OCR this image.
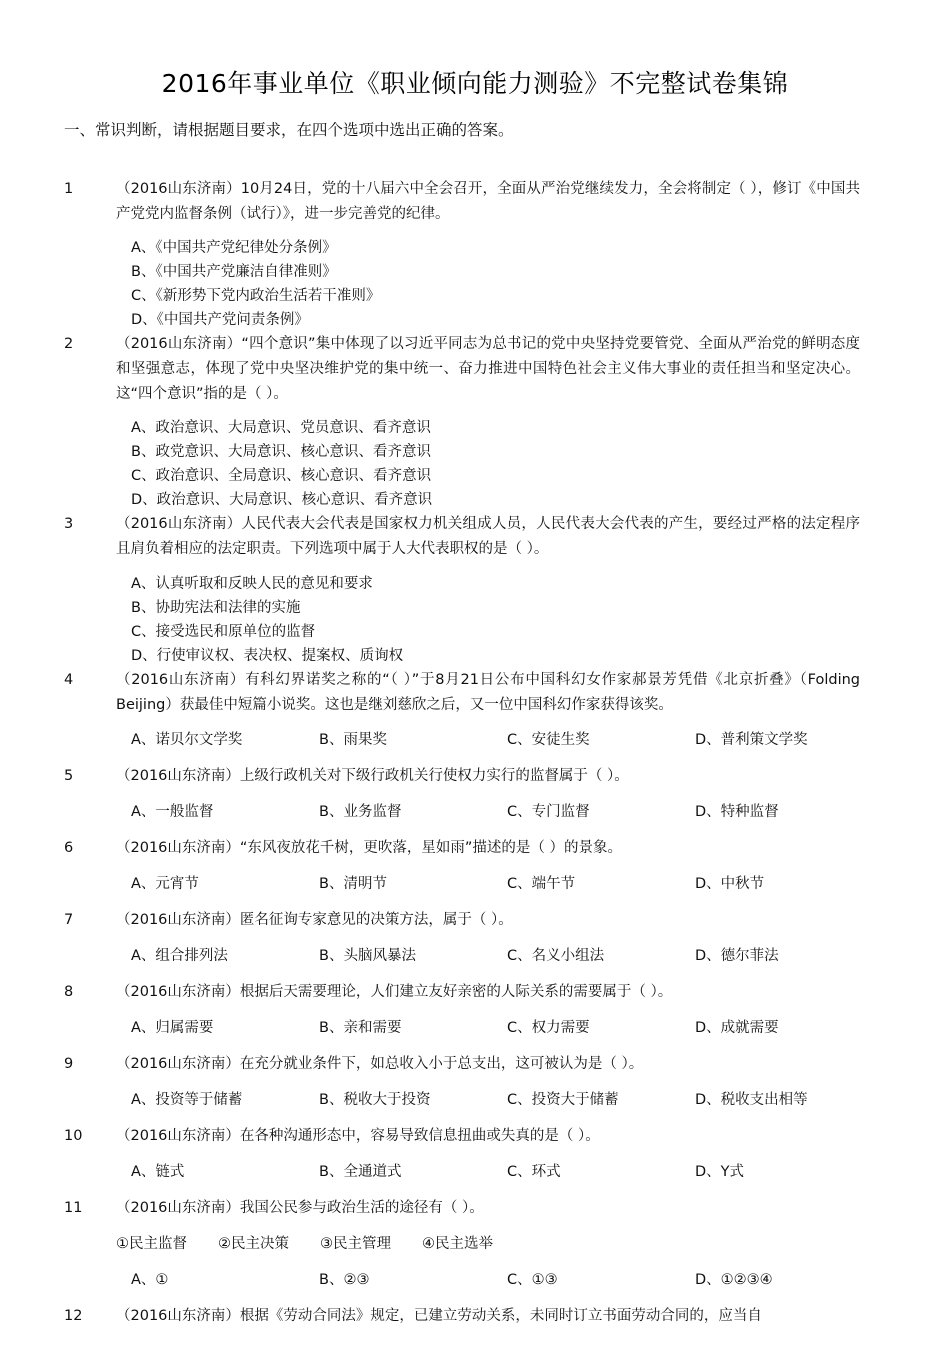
2016年事业单位《职业倾向能力测验》不完整试卷集锦
一、常识判断，请根据题目要求，在四个选项中选出正确的答案。
1	（2016山东济南）10月24日，党的十八届六中全会召开，全面从严治党继续发力，全会将制定（ ），修订《中国共产党党内监督条例（试行）》，进一步完善党的纪律。
A、《中国共产党纪律处分条例》
B、《中国共产党廉洁自律准则》
C、《新形势下党内政治生活若干准则》
D、《中国共产党问责条例》
2	（2016山东济南）“四个意识”集中体现了以习近平同志为总书记的党中央坚持党要管党、全面从严治党的鲜明态度和坚强意志，体现了党中央坚决维护党的集中统一、奋力推进中国特色社会主义伟大事业的责任担当和坚定决心。这“四个意识”指的是（ ）。
A、政治意识、大局意识、党员意识、看齐意识
B、政党意识、大局意识、核心意识、看齐意识
C、政治意识、全局意识、核心意识、看齐意识
D、政治意识、大局意识、核心意识、看齐意识
3	（2016山东济南）人民代表大会代表是国家权力机关组成人员，人民代表大会代表的产生，要经过严格的法定程序且肩负着相应的法定职责。下列选项中属于人大代表职权的是（ ）。
A、认真听取和反映人民的意见和要求
B、协助宪法和法律的实施
C、接受选民和原单位的监督
D、行使审议权、表决权、提案权、质询权
4	（2016山东济南）有科幻界诺奖之称的“（ ）”于8月21日公布中国科幻女作家郝景芳凭借《北京折叠》（Folding Beijing）获最佳中短篇小说奖。这也是继刘慈欣之后，又一位中国科幻作家获得该奖。
A、诺贝尔文学奖	B、雨果奖	C、安徒生奖	D、普利策文学奖
5	（2016山东济南）上级行政机关对下级行政机关行使权力实行的监督属于（ ）。
A、一般监督	B、业务监督	C、专门监督	D、特种监督
6	（2016山东济南）“东风夜放花千树，更吹落，星如雨”描述的是（ ）的景象。
A、元宵节	B、清明节	C、端午节	D、中秋节
7	（2016山东济南）匿名征询专家意见的决策方法，属于（ ）。
A、组合排列法	B、头脑风暴法	C、名义小组法	D、德尔菲法
8	（2016山东济南）根据后天需要理论，人们建立友好亲密的人际关系的需要属于（ ）。
A、归属需要	B、亲和需要	C、权力需要	D、成就需要
9	（2016山东济南）在充分就业条件下，如总收入小于总支出，这可被认为是（ ）。
A、投资等于储蓄	B、税收大于投资	C、投资大于储蓄	D、税收支出相等
10 （2016山东济南）在各种沟通形态中，容易导致信息扭曲或失真的是（ ）。
A、链式	B、全通道式	C、环式	D、Y式
11 （2016山东济南）我国公民参与政治生活的途径有（ ）。
①民主监督 ②民主决策 ③民主管理 ④民主选举
A、①	B、②③	C、①③	D、①②③④
12 （2016山东济南）根据《劳动合同法》规定，已建立劳动关系，未同时订立书面劳动合同的，应当自
